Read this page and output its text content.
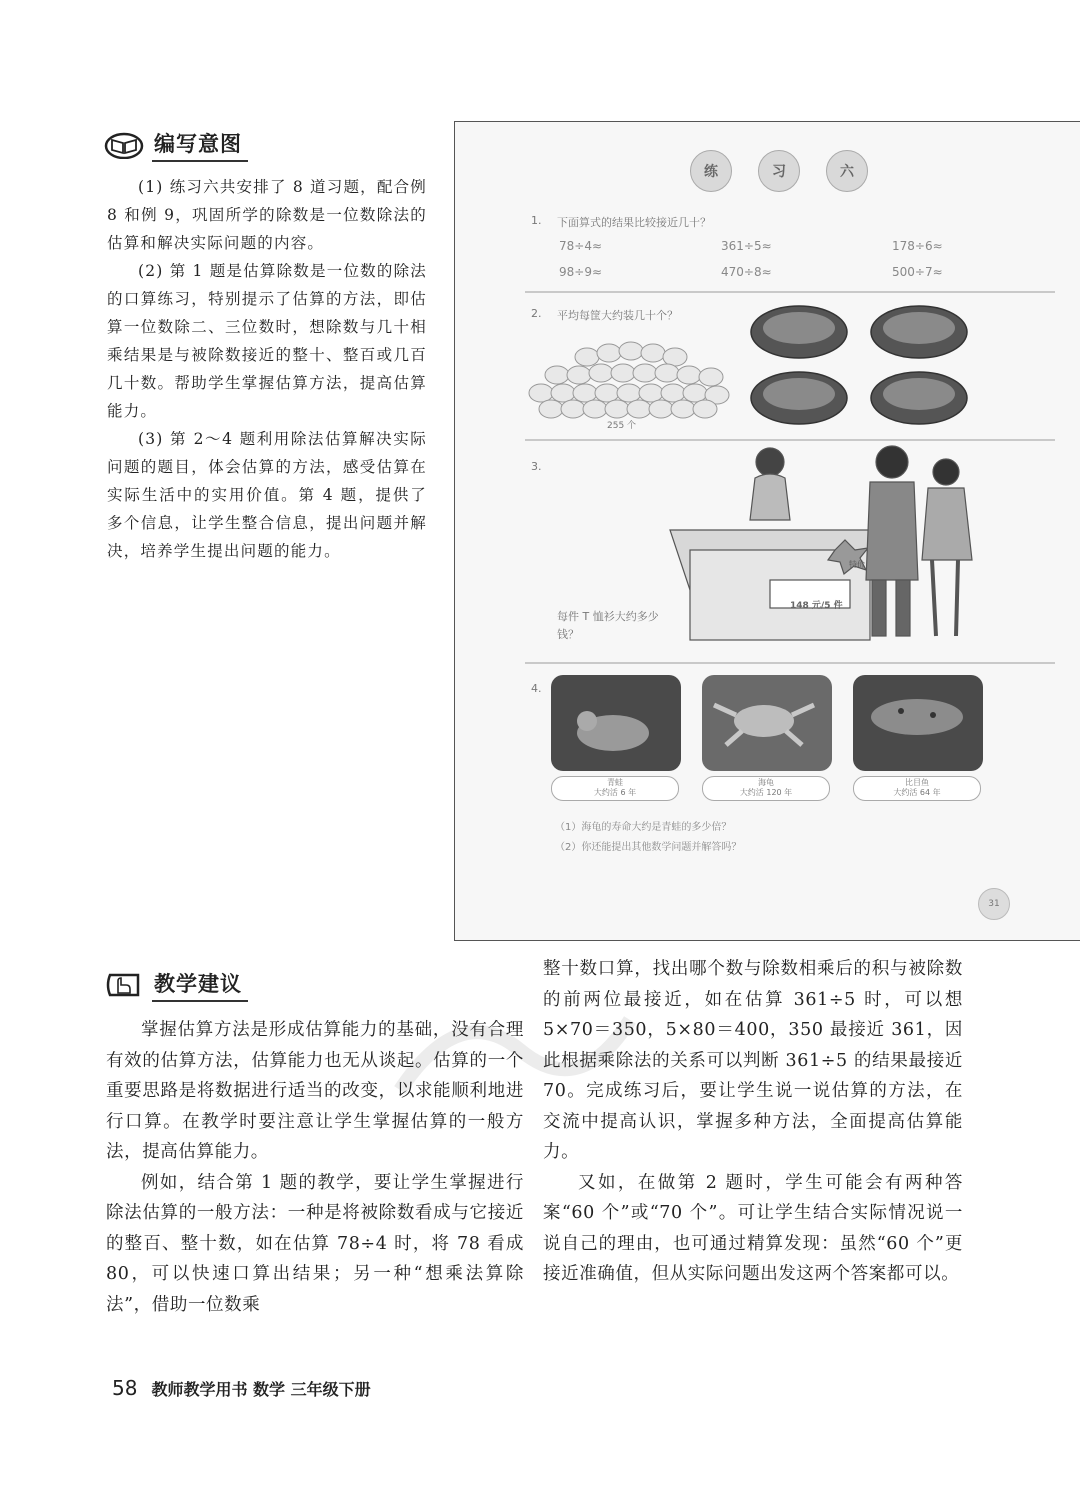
编写意图

(1) 练习六共安排了 8 道习题，配合例 8 和例 9，巩固所学的除数是一位数除法的估算和解决实际问题的内容。

(2) 第 1 题是估算除数是一位数的除法的口算练习，特别提示了估算的方法，即估算一位数除二、三位数时，想除数与几十相乘结果是与被除数接近的整十、整百或几百几十数。帮助学生掌握估算方法，提高估算能力。

(3) 第 2～4 题利用除法估算解决实际问题的题目，体会估算的方法，感受估算在实际生活中的实用价值。第 4 题，提供了多个信息，让学生整合信息，提出问题并解决，培养学生提出问题的能力。

练	习	六
1. 下面算式的结果比较接近几十？
78÷4≈	361÷5≈	178÷6≈
98÷9≈	470÷8≈	500÷7≈
2. 平均每筐大约装几十个？
255 个
3.
148 元/5 件
特价
每件 T 恤衫大约多少钱？
4.
青蛙
大约活 6 年
海龟
大约活 120 年
比目鱼
大约活 64 年
（1）海龟的寿命大约是青蛙的多少倍？
（2）你还能提出其他数学问题并解答吗？
31
教学建议

掌握估算方法是形成估算能力的基础，没有合理有效的估算方法，估算能力也无从谈起。估算的一个重要思路是将数据进行适当的改变，以求能顺利地进行口算。在教学时要注意让学生掌握估算的一般方法，提高估算能力。

例如，结合第 1 题的教学，要让学生掌握进行除法估算的一般方法：一种是将被除数看成与它接近的整百、整十数，如在估算 78÷4 时，将 78 看成 80，可以快速口算出结果；另一种“想乘法算除法”，借助一位数乘

整十数口算，找出哪个数与除数相乘后的积与被除数的前两位最接近，如在估算 361÷5 时，可以想 5×70＝350，5×80＝400，350 最接近 361，因此根据乘除法的关系可以判断 361÷5 的结果最接近 70。完成练习后，要让学生说一说估算的方法，在交流中提高认识，掌握多种方法，全面提高估算能力。

又如，在做第 2 题时，学生可能会有两种答案“60 个”或“70 个”。可让学生结合实际情况说一说自己的理由，也可通过精算发现：虽然“60 个”更接近准确值，但从实际问题出发这两个答案都可以。

58 教师教学用书 数学 三年级下册
